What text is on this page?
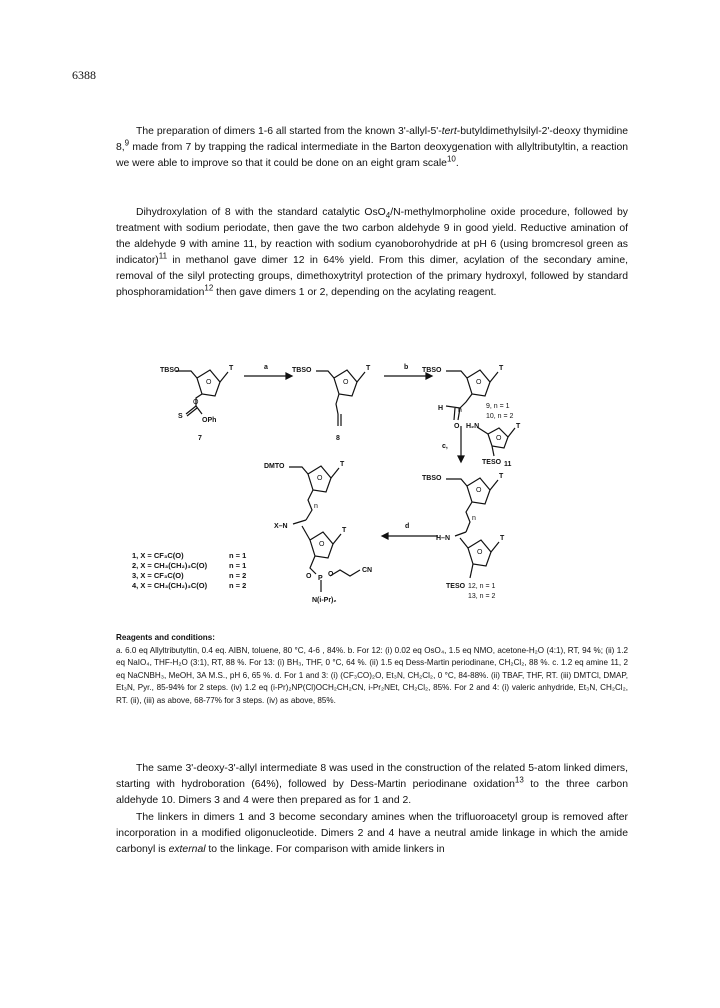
6388

The preparation of dimers 1-6 all started from the known 3'-allyl-5'-tert-butyldimethylsilyl-2'-deoxy thymidine 8,$^9$ made from 7 by trapping the radical intermediate in the Barton deoxygenation with allyltributyltin, a reaction we were able to improve so that it could be done on an eight gram scale$^{10}$.

Dihydroxylation of 8 with the standard catalytic OsO$_4$/N-methylmorpholine oxide procedure, followed by treatment with sodium periodate, then gave the two carbon aldehyde 9 in good yield. Reductive amination of the aldehyde 9 with amine 11, by reaction with sodium cyanoborohydride at pH 6 (using bromcresol green as indicator)$^{11}$ in methanol gave dimer 12 in 64% yield. From this dimer, acylation of the secondary amine, removal of the silyl protecting groups, dimethoxytrityl protection of the primary hydroxyl, followed by standard phosphoramidation$^{12}$ then gave dimers 1 or 2, depending on the acylating reagent.

TBSO	T
O
O
S
OPh
7
a	TBSO	T
O
8
b TBSO	T
O
H n
O
9, n = 1
10, n = 2
H₂N	T
O
TESO 11
c,
TBSO	T
O
n
H–N	T
O
TESO 12, n = 1
13, n = 2
d
DMTO	T
O
n
X–N
T
O
O P
O
CN
N(i-Pr)₂
1, X = CF₃C(O)	n = 1
2, X = CH₃(CH₂)₃C(O)	n = 1
3, X = CF₃C(O)	n = 2
4, X = CH₃(CH₂)₃C(O)	n = 2
Reagents and conditions:
a. 6.0 eq Allyltributyltin, 0.4 eq. AIBN, toluene, 80 °C, 4-6 , 84%. b. For 12: (i) 0.02 eq OsO₄, 1.5 eq NMO, acetone-H₂O (4:1), RT, 94 %; (ii) 1.2 eq NaIO₄, THF-H₂O (3:1), RT, 88 %. For 13: (i) BH₃, THF, 0 °C, 64 %. (ii) 1.5 eq Dess-Martin periodinane, CH₂Cl₂, 88 %. c. 1.2 eq amine 11, 2 eq NaCNBH₃, MeOH, 3A M.S., pH 6, 65 %. d. For 1 and 3: (i) (CF₃CO)₂O, Et₃N, CH₂Cl₂, 0 °C, 84-88%. (ii) TBAF, THF, RT. (iii) DMTCl, DMAP, Et₃N, Pyr., 85-94% for 2 steps. (iv) 1.2 eq (i-Pr)₂NP(Cl)OCH₂CH₂CN, i-Pr₂NEt, CH₂Cl₂, 85%. For 2 and 4: (i) valeric anhydride, Et₃N, CH₂Cl₂, RT. (ii), (iii) as above, 68-77% for 3 steps. (iv) as above, 85%.

The same 3'-deoxy-3'-allyl intermediate 8 was used in the construction of the related 5-atom linked dimers, starting with hydroboration (64%), followed by Dess-Martin periodinane oxidation$^{13}$ to the three carbon aldehyde 10. Dimers 3 and 4 were then prepared as for 1 and 2.

The linkers in dimers 1 and 3 become secondary amines when the trifluoroacetyl group is removed after incorporation in a modified oligonucleotide. Dimers 2 and 4 have a neutral amide linkage in which the amide carbonyl is external to the linkage. For comparison with amide linkers in
